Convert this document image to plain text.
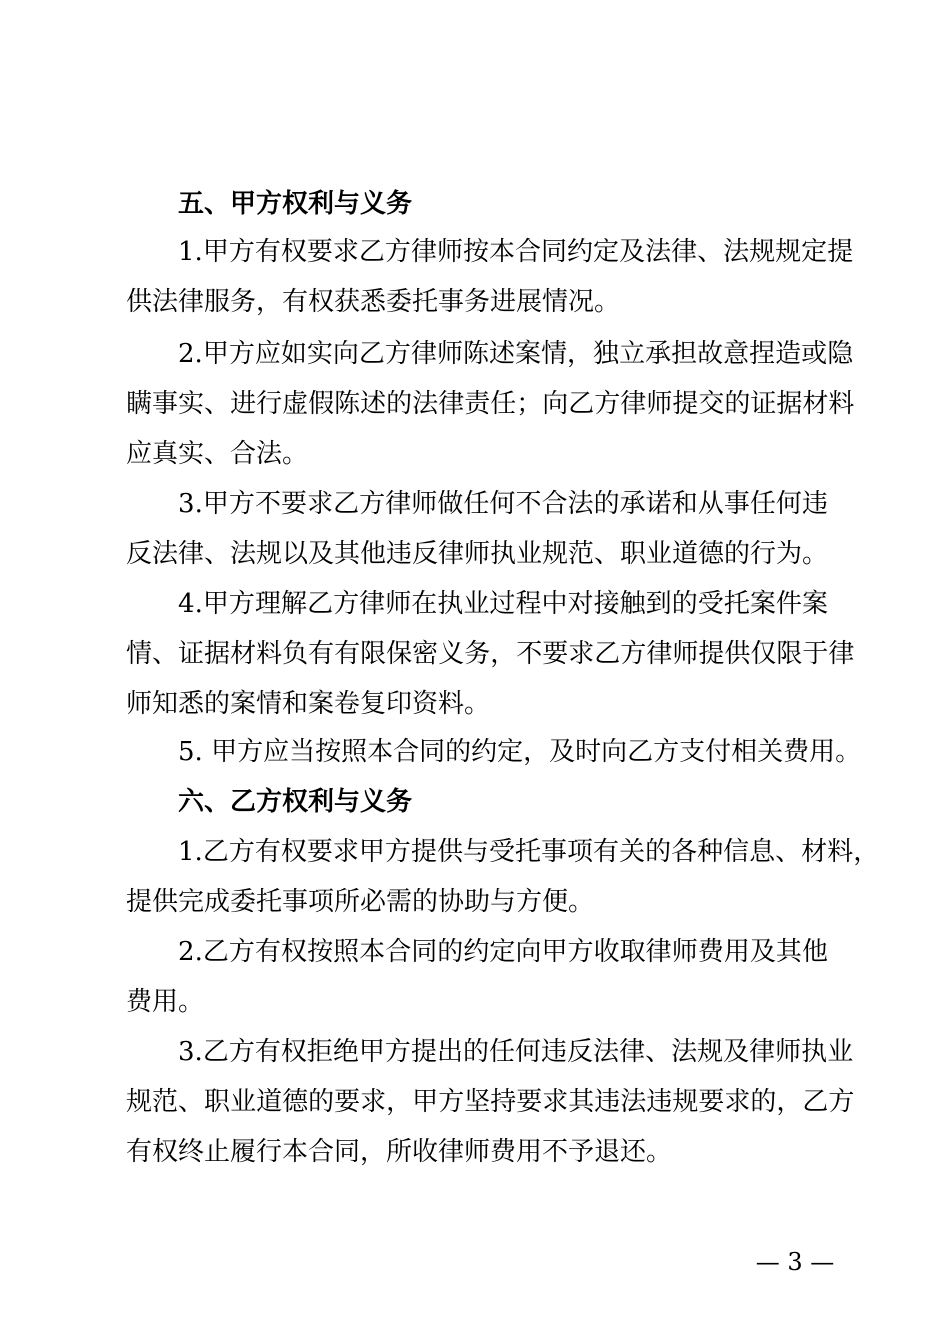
五、甲方权利与义务
1 . 甲 方 有 权 要 求 乙 方 律 师 按 本 合 同 约 定 及 法 律 、 法 规 规 定 提
供法律服务，有权获悉委托事务进展情况。
2 . 甲 方 应 如 实 向 乙 方 律 师 陈 述 案 情 ， 独 立 承 担 故 意 捏 造 或 隐
瞒 事 实 、 进 行 虚 假 陈 述 的 法 律 责 任 ； 向 乙 方 律 师 提 交 的 证 据 材 料
应真实、合法。
3 . 甲 方 不 要 求 乙 方 律 师 做 任 何 不 合 法 的 承 诺 和 从 事 任 何 违
反法律、法规以及其他违反律师执业规范、职业道德的行为。
4 . 甲 方 理 解 乙 方 律 师 在 执 业 过 程 中 对 接 触 到 的 受 托 案 件 案
情 、 证 据 材 料 负 有 有 限 保 密 义 务 ， 不 要 求 乙 方 律 师 提 供 仅 限 于 律
师知悉的案情和案卷复印资料。
5. 甲方应当按照本合同的约定，及时向乙方支付相关费用。
六、乙方权利与义务
1 . 乙 方 有 权 要 求 甲 方 提 供 与 受 托 事 项 有 关 的 各 种 信 息 、 材 料 ，
提供完成委托事项所必需的协助与方便。
2 . 乙 方 有 权 按 照 本 合 同 的 约 定 向 甲 方 收 取 律 师 费 用 及 其 他
费用。
3 . 乙 方 有 权 拒 绝 甲 方 提 出 的 任 何 违 反 法 律 、 法 规 及 律 师 执 业
规 范 、 职 业 道 德 的 要 求 ， 甲 方 坚 持 要 求 其 违 法 违 规 要 求 的 ， 乙 方
有权终止履行本合同，所收律师费用不予退还。
— 3 —
